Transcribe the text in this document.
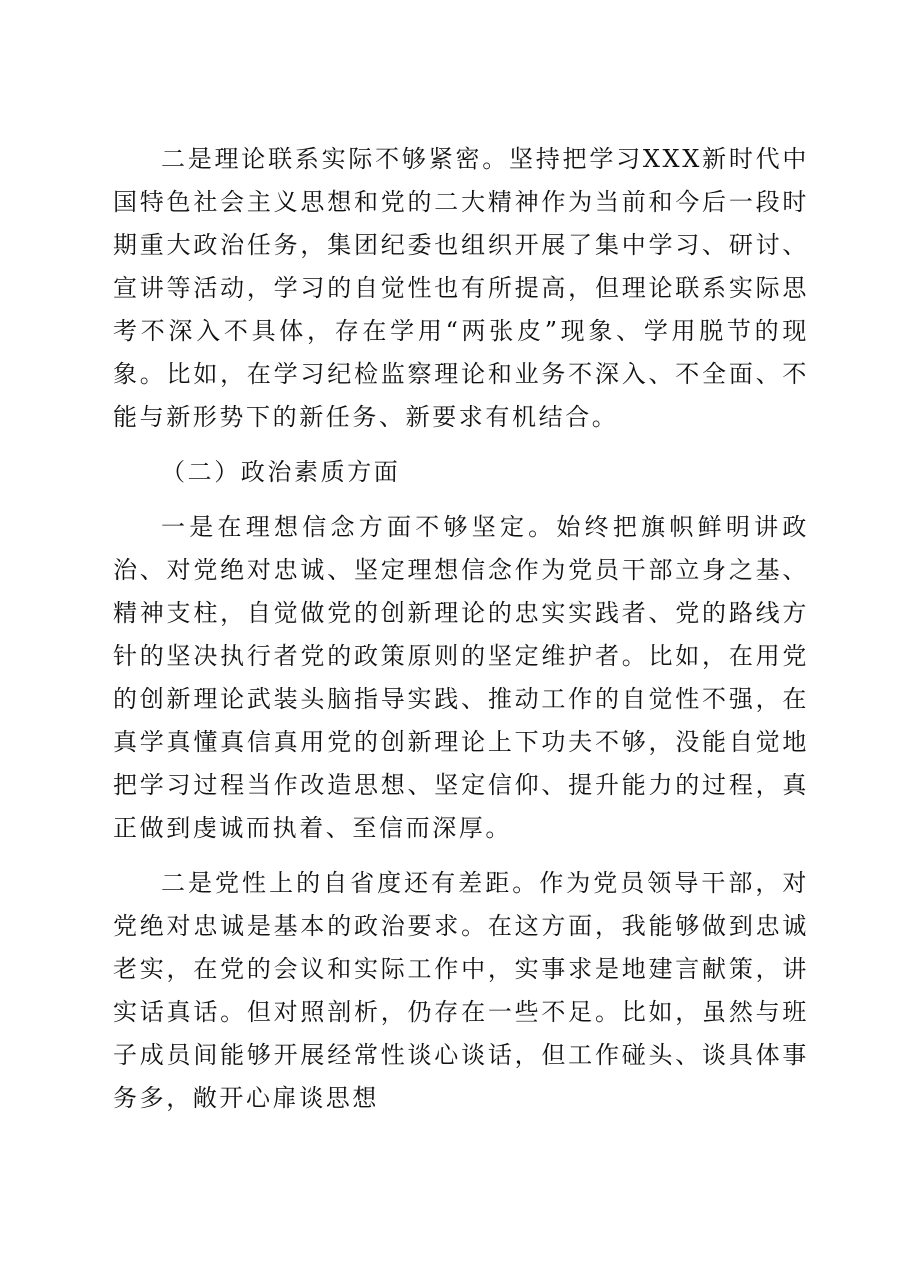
二是理论联系实际不够紧密。坚持把学习XXX新时代中国特色社会主义思想和党的二大精神作为当前和今后一段时期重大政治任务，集团纪委也组织开展了集中学习、研讨、宣讲等活动，学习的自觉性也有所提高，但理论联系实际思考不深入不具体，存在学用“两张皮”现象、学用脱节的现象。比如，在学习纪检监察理论和业务不深入、不全面、不能与新形势下的新任务、新要求有机结合。

（二）政治素质方面

一是在理想信念方面不够坚定。始终把旗帜鲜明讲政治、对党绝对忠诚、坚定理想信念作为党员干部立身之基、精神支柱，自觉做党的创新理论的忠实实践者、党的路线方针的坚决执行者党的政策原则的坚定维护者。比如，在用党的创新理论武装头脑指导实践、推动工作的自觉性不强，在真学真懂真信真用党的创新理论上下功夫不够，没能自觉地把学习过程当作改造思想、坚定信仰、提升能力的过程，真正做到虔诚而执着、至信而深厚。

二是党性上的自省度还有差距。作为党员领导干部，对党绝对忠诚是基本的政治要求。在这方面，我能够做到忠诚老实，在党的会议和实际工作中，实事求是地建言献策，讲实话真话。但对照剖析，仍存在一些不足。比如，虽然与班子成员间能够开展经常性谈心谈话，但工作碰头、谈具体事务多，敞开心扉谈思想
